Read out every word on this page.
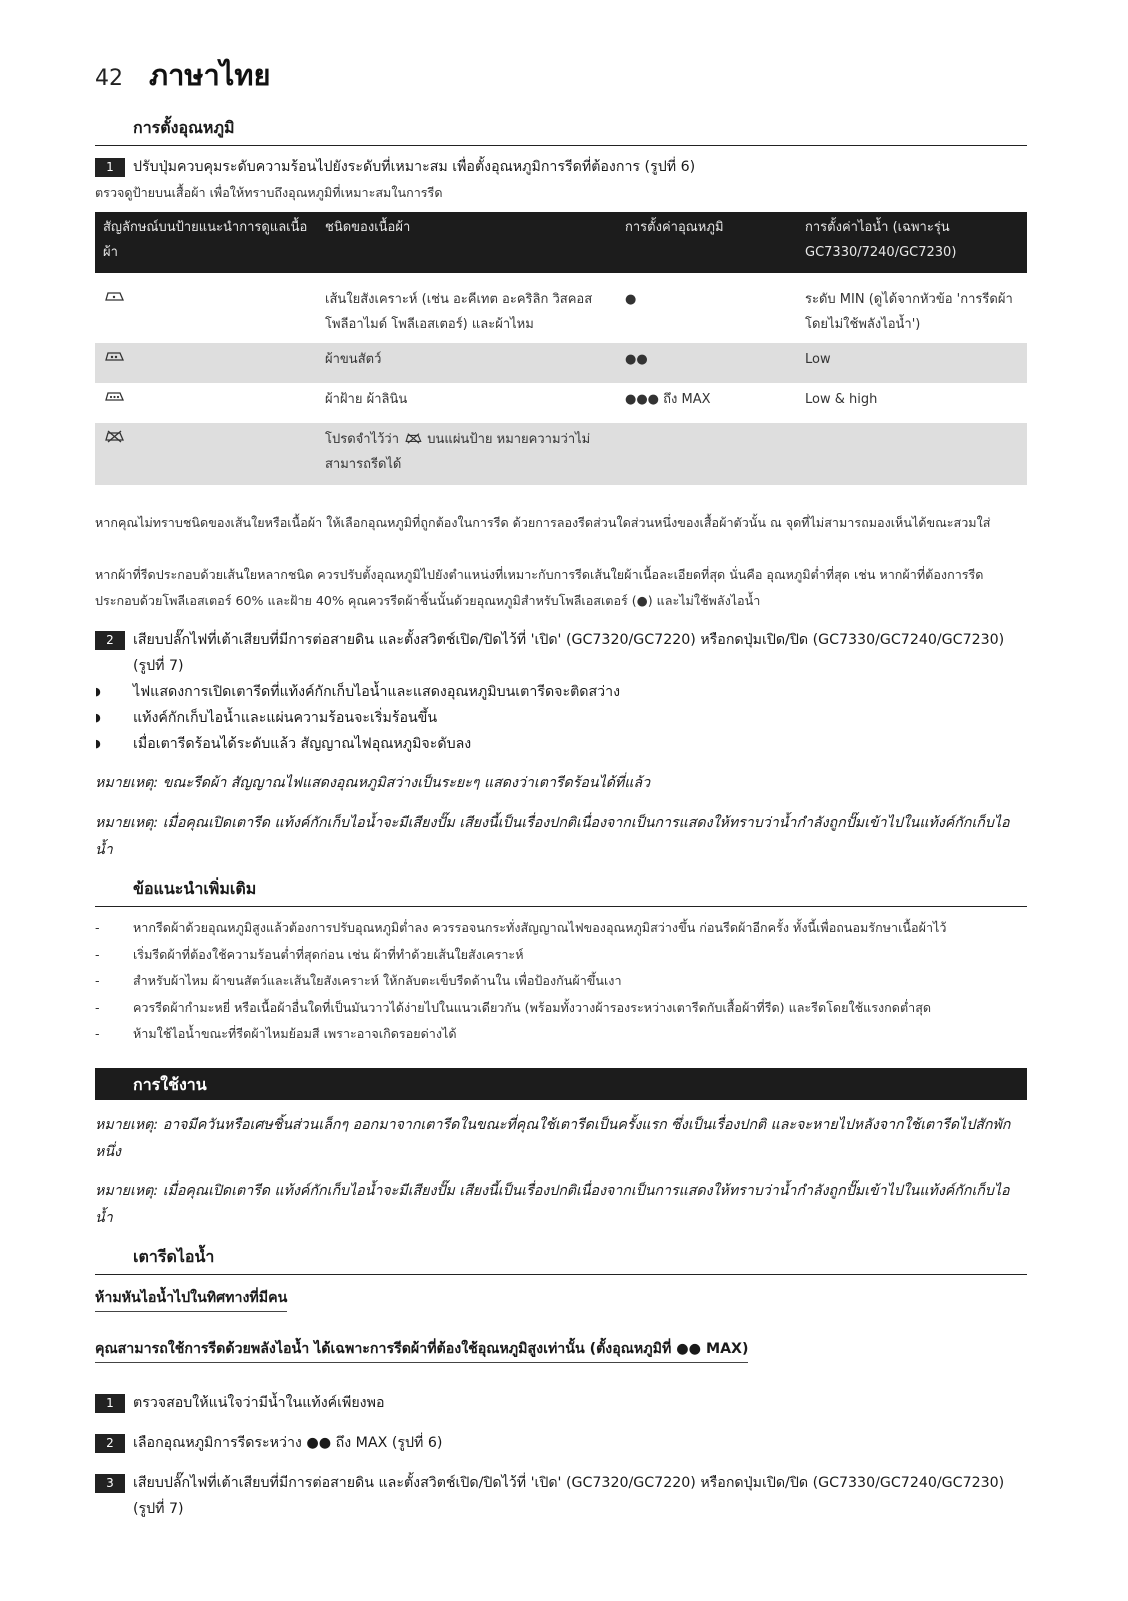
42 ภาษาไทย
การตั้งอุณหภูมิ
1	ปรับปุ่มควบคุมระดับความร้อนไปยังระดับที่เหมาะสม เพื่อตั้งอุณหภูมิการรีดที่ต้องการ (รูปที่ 6)
ตรวจดูป้ายบนเสื้อผ้า เพื่อให้ทราบถึงอุณหภูมิที่เหมาะสมในการรีด
สัญลักษณ์บนป้ายแนะนำการดูแลเนื้อผ้า	ชนิดของเนื้อผ้า	การตั้งค่าอุณหภูมิ	การตั้งค่าไอน้ำ (เฉพาะรุ่น GC7330/7240/GC7230)

	เส้นใยสังเคราะห์ (เช่น อะคีเทต อะคริลิก วิสคอส โพลีอาไมด์ โพลีเอสเตอร์) และผ้าไหม	●	ระดับ MIN (ดูได้จากหัวข้อ 'การรีดผ้าโดยไม่ใช้พลังไอน้ำ')
	ผ้าขนสัตว์	●●	Low
	ผ้าฝ้าย ผ้าลินิน	●●● ถึง MAX	Low & high
	โปรดจำไว้ว่า บนแผ่นป้าย หมายความว่าไม่สามารถรีดได้		
หากคุณไม่ทราบชนิดของเส้นใยหรือเนื้อผ้า ให้เลือกอุณหภูมิที่ถูกต้องในการรีด ด้วยการลองรีดส่วนใดส่วนหนึ่งของเสื้อผ้าตัวนั้น ณ จุดที่ไม่สามารถมองเห็นได้ขณะสวมใส่
หากผ้าที่รีดประกอบด้วยเส้นใยหลากชนิด ควรปรับตั้งอุณหภูมิไปยังตำแหน่งที่เหมาะกับการรีดเส้นใยผ้าเนื้อละเอียดที่สุด นั่นคือ อุณหภูมิต่ำที่สุด เช่น หากผ้าที่ต้องการรีดประกอบด้วยโพลีเอสเตอร์ 60% และฝ้าย 40% คุณควรรีดผ้าชิ้นนั้นด้วยอุณหภูมิสำหรับโพลีเอสเตอร์ (●) และไม่ใช้พลังไอน้ำ
2	เสียบปลั๊กไฟที่เต้าเสียบที่มีการต่อสายดิน และตั้งสวิตช์เปิด/ปิดไว้ที่ 'เปิด' (GC7320/GC7220) หรือกดปุ่มเปิด/ปิด (GC7330/GC7240/GC7230) (รูปที่ 7)
◗	ไฟแสดงการเปิดเตารีดที่แท้งค์กักเก็บไอน้ำและแสดงอุณหภูมิบนเตารีดจะติดสว่าง
◗	แท้งค์กักเก็บไอน้ำและแผ่นความร้อนจะเริ่มร้อนขึ้น
◗	เมื่อเตารีดร้อนได้ระดับแล้ว สัญญาณไฟอุณหภูมิจะดับลง
หมายเหตุ: ขณะรีดผ้า สัญญาณไฟแสดงอุณหภูมิสว่างเป็นระยะๆ แสดงว่าเตารีดร้อนได้ที่แล้ว
หมายเหตุ: เมื่อคุณเปิดเตารีด แท้งค์กักเก็บไอน้ำจะมีเสียงปั๊ม เสียงนี้เป็นเรื่องปกติเนื่องจากเป็นการแสดงให้ทราบว่าน้ำกำลังถูกปั๊มเข้าไปในแท้งค์กักเก็บไอน้ำ
ข้อแนะนำเพิ่มเติม
-	หากรีดผ้าด้วยอุณหภูมิสูงแล้วต้องการปรับอุณหภูมิต่ำลง ควรรอจนกระทั่งสัญญาณไฟของอุณหภูมิสว่างขึ้น ก่อนรีดผ้าอีกครั้ง ทั้งนี้เพื่อถนอมรักษาเนื้อผ้าไว้
-	เริ่มรีดผ้าที่ต้องใช้ความร้อนต่ำที่สุดก่อน เช่น ผ้าที่ทำด้วยเส้นใยสังเคราะห์
-	สำหรับผ้าไหม ผ้าขนสัตว์และเส้นใยสังเคราะห์ ให้กลับตะเข็บรีดด้านใน เพื่อป้องกันผ้าขึ้นเงา
-	ควรรีดผ้ากำมะหยี่ หรือเนื้อผ้าอื่นใดที่เป็นมันวาวได้ง่ายไปในแนวเดียวกัน (พร้อมทั้งวางผ้ารองระหว่างเตารีดกับเสื้อผ้าที่รีด) และรีดโดยใช้แรงกดต่ำสุด
-	ห้ามใช้ไอน้ำขณะที่รีดผ้าไหมย้อมสี เพราะอาจเกิดรอยด่างได้
การใช้งาน
หมายเหตุ: อาจมีควันหรือเศษชิ้นส่วนเล็กๆ ออกมาจากเตารีดในขณะที่คุณใช้เตารีดเป็นครั้งแรก ซึ่งเป็นเรื่องปกติ และจะหายไปหลังจากใช้เตารีดไปสักพักหนึ่ง
หมายเหตุ: เมื่อคุณเปิดเตารีด แท้งค์กักเก็บไอน้ำจะมีเสียงปั๊ม เสียงนี้เป็นเรื่องปกติเนื่องจากเป็นการแสดงให้ทราบว่าน้ำกำลังถูกปั๊มเข้าไปในแท้งค์กักเก็บไอน้ำ
เตารีดไอน้ำ
ห้ามหันไอน้ำไปในทิศทางที่มีคน
คุณสามารถใช้การรีดด้วยพลังไอน้ำ ได้เฉพาะการรีดผ้าที่ต้องใช้อุณหภูมิสูงเท่านั้น (ตั้งอุณหภูมิที่ ●● MAX)
1	ตรวจสอบให้แน่ใจว่ามีน้ำในแท้งค์เพียงพอ
2	เลือกอุณหภูมิการรีดระหว่าง ●● ถึง MAX (รูปที่ 6)
3	เสียบปลั๊กไฟที่เต้าเสียบที่มีการต่อสายดิน และตั้งสวิตช์เปิด/ปิดไว้ที่ 'เปิด' (GC7320/GC7220) หรือกดปุ่มเปิด/ปิด (GC7330/GC7240/GC7230) (รูปที่ 7)
